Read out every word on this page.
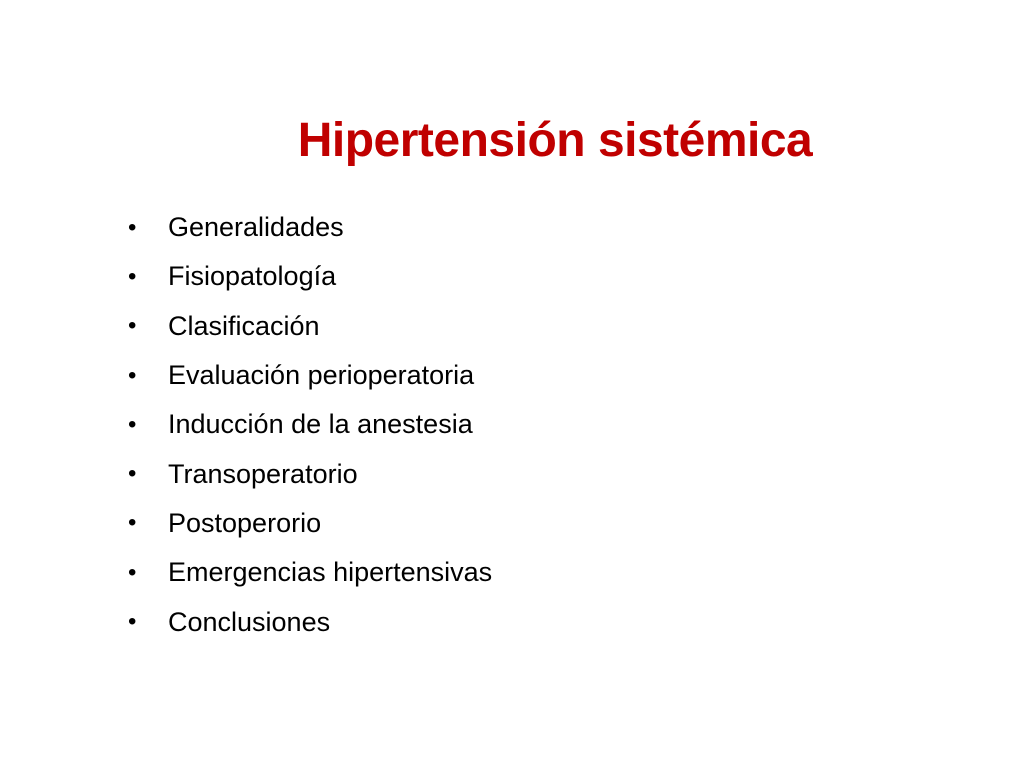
Hipertensión sistémica
•	Generalidades
•	Fisiopatología
•	Clasificación
•	Evaluación perioperatoria
•	Inducción de la anestesia
•	Transoperatorio
•	Postoperorio
•	Emergencias hipertensivas
•	Conclusiones
